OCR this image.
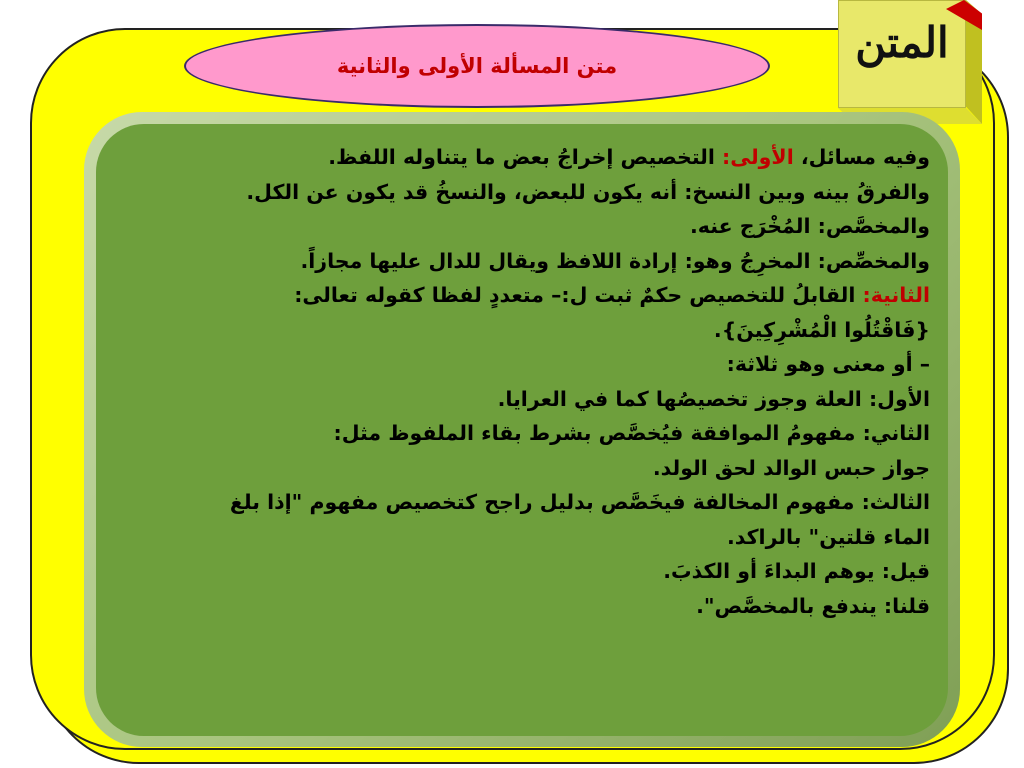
متن المسألة الأولى والثانية	المتن

وفيه مسائل، الأولى: التخصيص إخراجُ بعض ما يتناوله اللفظ.

والفرقُ بينه وبين النسخ: أنه يكون للبعض، والنسخُ قد يكون عن الكل.

والمخصَّص: المُخْرَج عنه.

والمخصِّص: المخرِجُ وهو: إرادة اللافظ ويقال للدال عليها مجازاً.

الثانية: القابلُ للتخصيص حكمٌ ثبت ل:– متعددٍ لفظا كقوله تعالى:

{فَاقْتُلُوا الْمُشْرِكِينَ}.

– أو معنى وهو ثلاثة:

الأول: العلة وجوز تخصيصُها كما في العرايا.

الثاني: مفهومُ الموافقة فيُخصَّص بشرط بقاء الملفوظ مثل:

جواز حبس الوالد لحق الولد.

الثالث: مفهوم المخالفة فيخَصَّص بدليل راجح كتخصيص مفهوم "إذا بلغ الماء قلتين" بالراكد.

قيل: يوهم البداءَ أو الكذبَ.

قلنا: يندفع بالمخصَّص".
